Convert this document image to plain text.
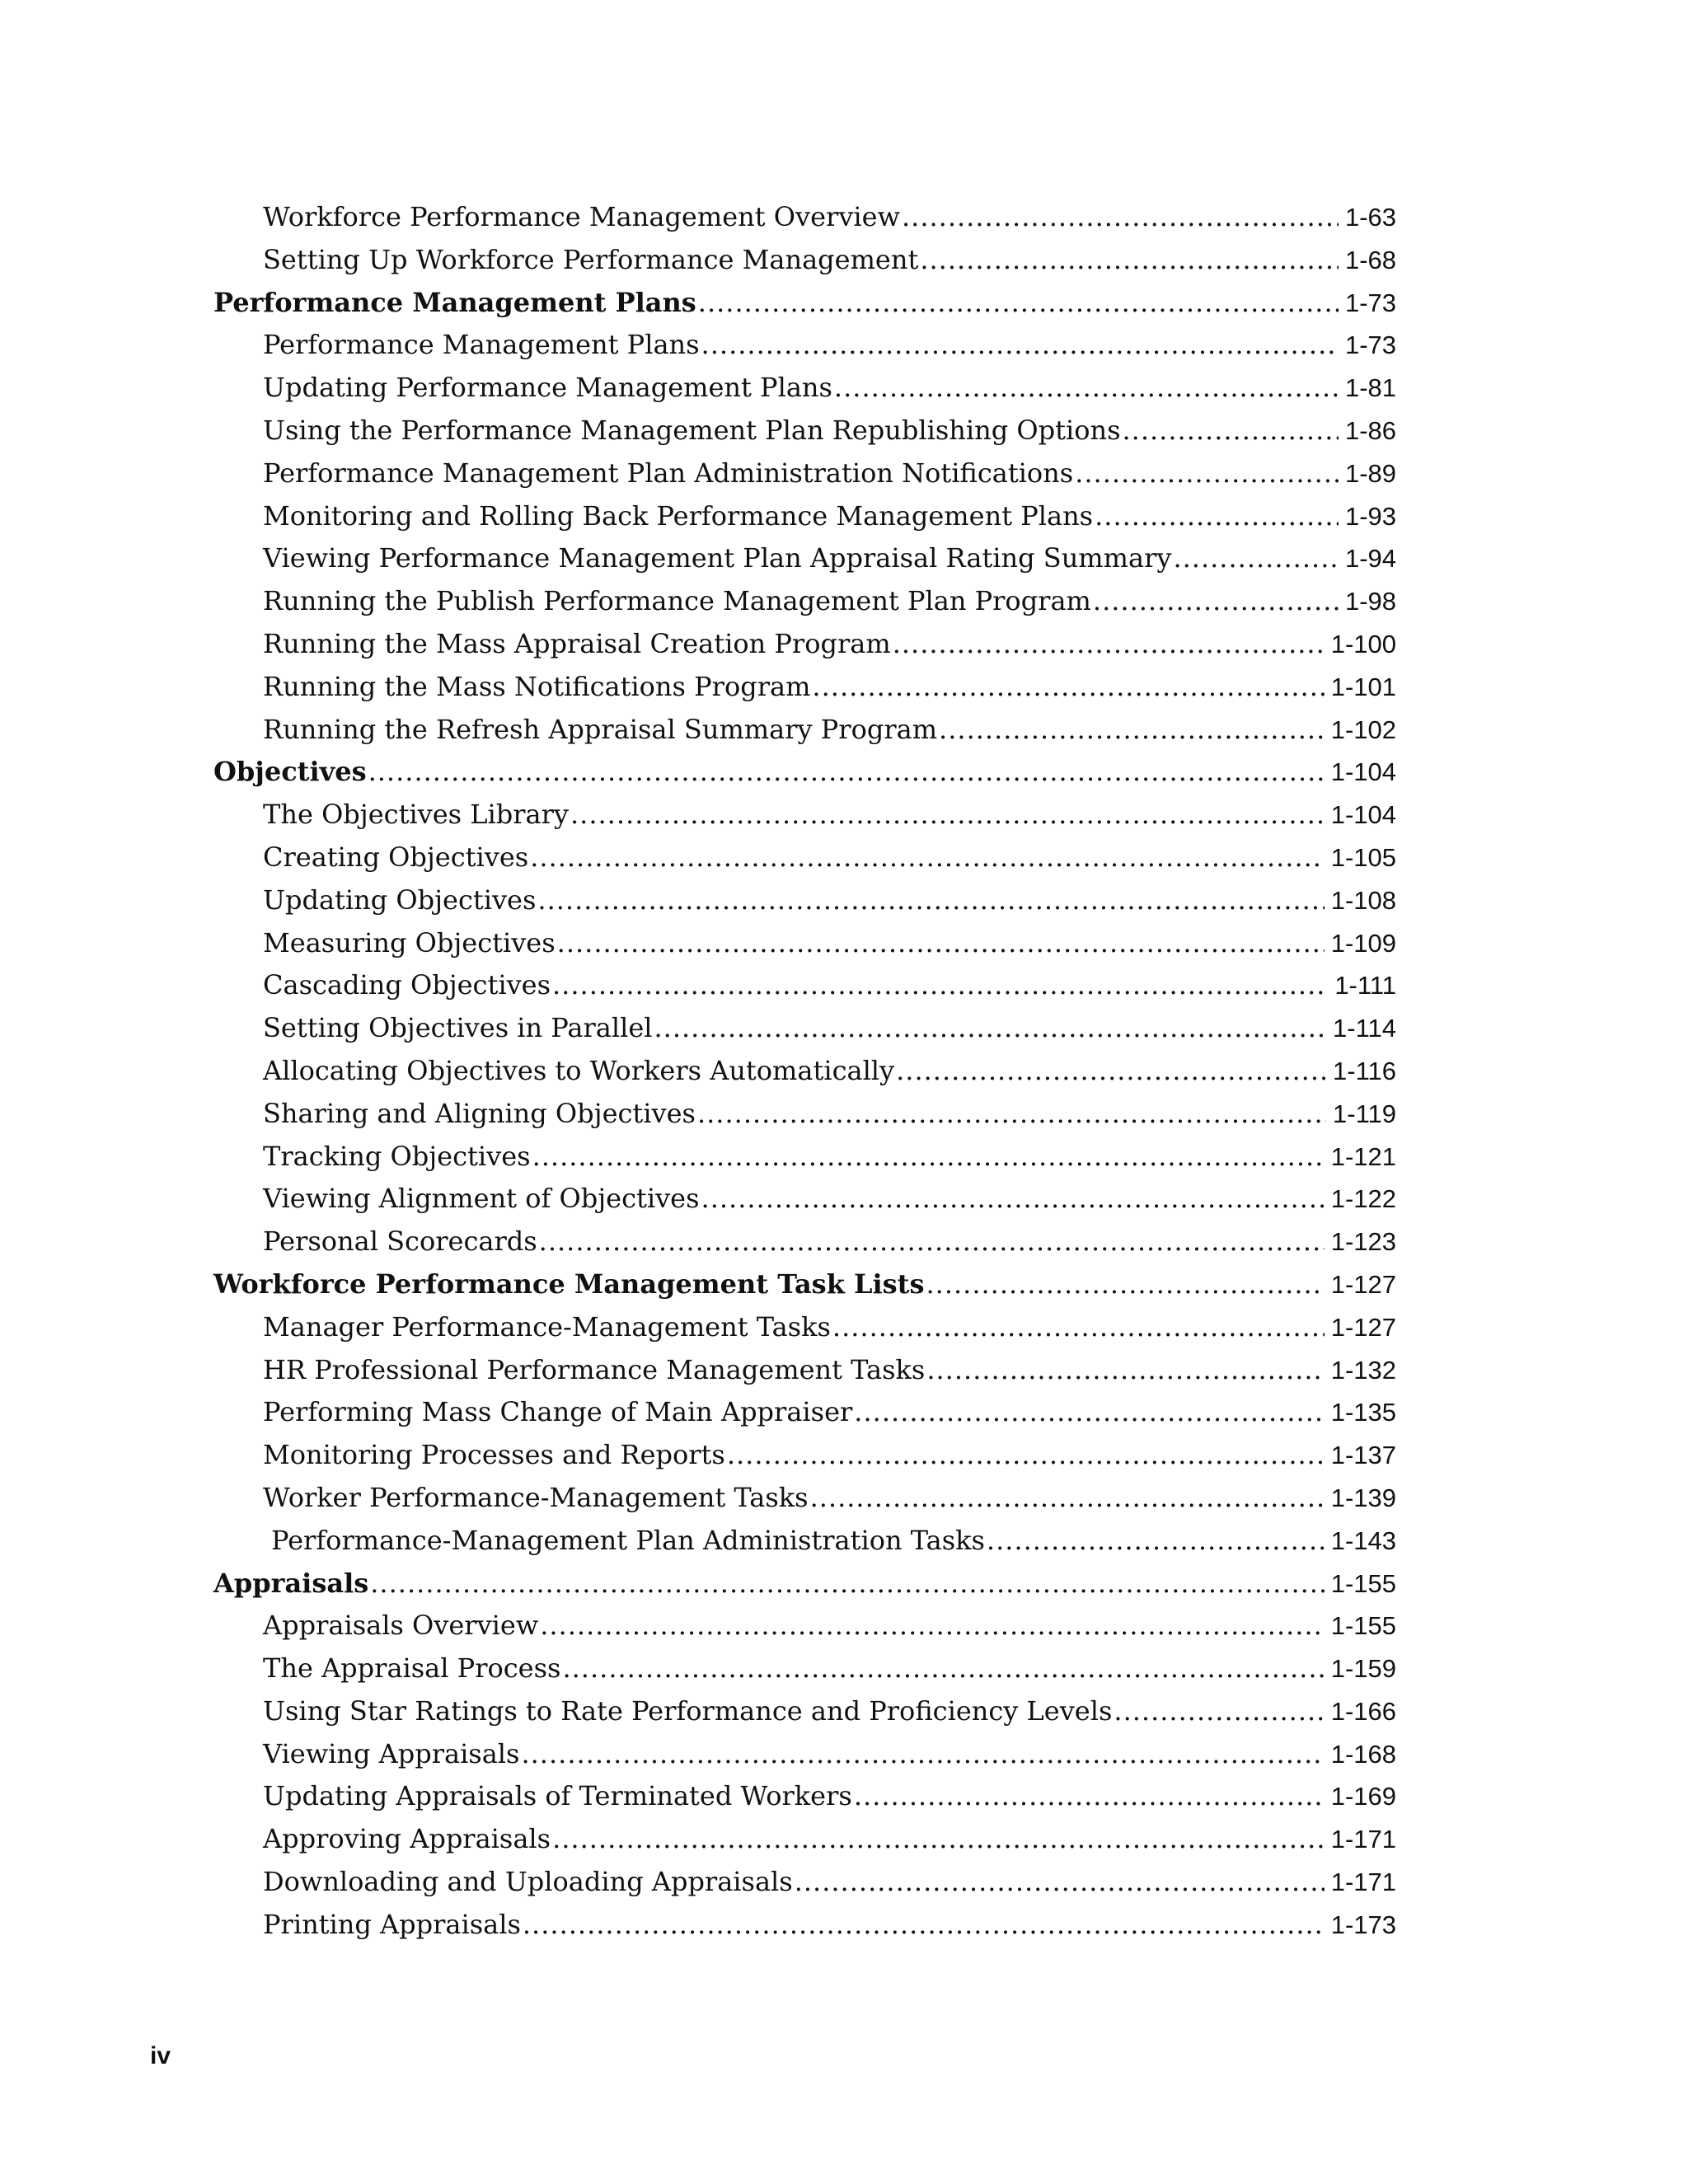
Workforce Performance Management Overview .....	1-63
Setting Up Workforce Performance Management .....	1-68
Performance Management Plans .....	1-73
Performance Management Plans .....	1-73
Updating Performance Management Plans .....	1-81
Using the Performance Management Plan Republishing Options .....	1-86
Performance Management Plan Administration Notifications .....	1-89
Monitoring and Rolling Back Performance Management Plans .....	1-93
Viewing Performance Management Plan Appraisal Rating Summary .....	1-94
Running the Publish Performance Management Plan Program .....	1-98
Running the Mass Appraisal Creation Program .....	1-100
Running the Mass Notifications Program .....	1-101
Running the Refresh Appraisal Summary Program .....	1-102
Objectives .....	1-104
The Objectives Library .....	1-104
Creating Objectives .....	1-105
Updating Objectives .....	1-108
Measuring Objectives .....	1-109
Cascading Objectives .....	1-111
Setting Objectives in Parallel .....	1-114
Allocating Objectives to Workers Automatically .....	1-116
Sharing and Aligning Objectives .....	1-119
Tracking Objectives .....	1-121
Viewing Alignment of Objectives .....	1-122
Personal Scorecards .....	1-123
Workforce Performance Management Task Lists .....	1-127
Manager Performance-Management Tasks .....	1-127
HR Professional Performance Management Tasks .....	1-132
Performing Mass Change of Main Appraiser .....	1-135
Monitoring Processes and Reports .....	1-137
Worker Performance-Management Tasks .....	1-139
Performance-Management Plan Administration Tasks .....	1-143
Appraisals .....	1-155
Appraisals Overview .....	1-155
The Appraisal Process .....	1-159
Using Star Ratings to Rate Performance and Proficiency Levels .....	1-166
Viewing Appraisals .....	1-168
Updating Appraisals of Terminated Workers .....	1-169
Approving Appraisals .....	1-171
Downloading and Uploading Appraisals .....	1-171
Printing Appraisals .....	1-173
iv
